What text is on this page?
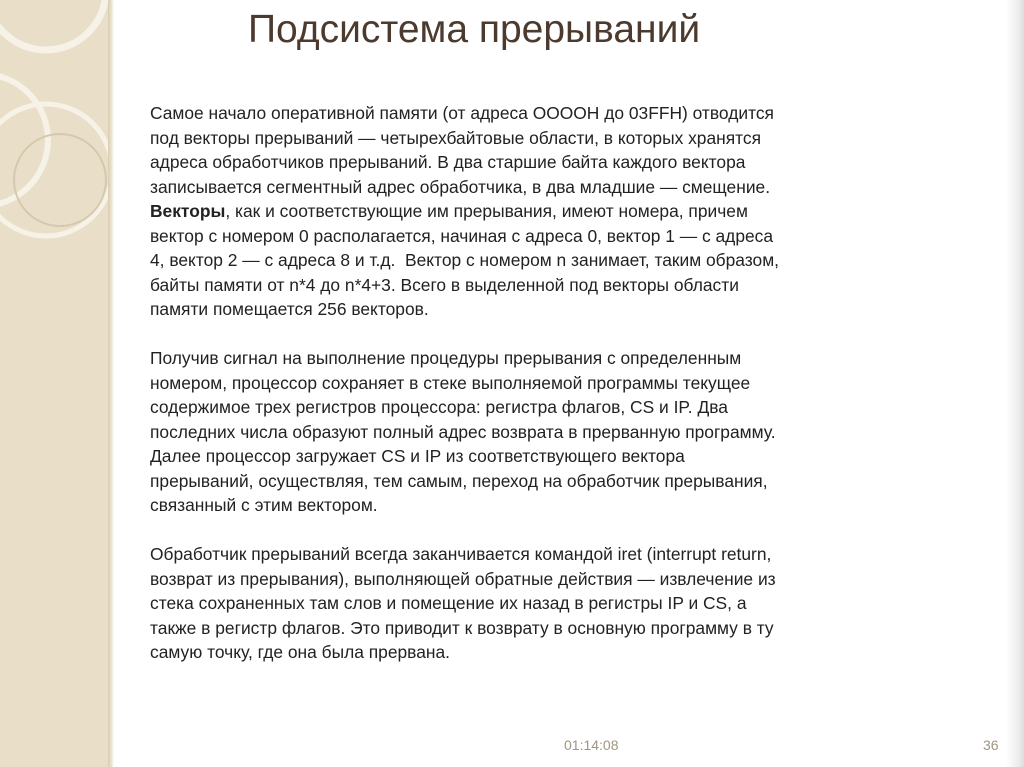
Подсистема прерываний

Самое начало оперативной памяти (от адреса ОООOH до 03FFH) отводится
под векторы прерываний — четырехбайтовые области, в которых хранятся
адреса обработчиков прерываний. В два старшие байта каждого вектора
записывается сегментный адрес обработчика, в два младшие — смещение.
Векторы, как и соответствующие им прерывания, имеют номера, причем
вектор с номером 0 располагается, начиная с адреса 0, вектор 1 — с адреса
4, вектор 2 — с адреса 8 и т.д.  Вектор с номером n занимает, таким образом,
байты памяти от n*4 до n*4+3. Всего в выделенной под векторы области
памяти помещается 256 векторов.

Получив сигнал на выполнение процедуры прерывания с определенным
номером, процессор сохраняет в стеке выполняемой программы текущее
содержимое трех регистров процессора: регистра флагов, CS и IP. Два
последних числа образуют полный адрес возврата в прерванную программу.
Далее процессор загружает CS и IP из соответствующего вектора
прерываний, осуществляя, тем самым, переход на обработчик прерывания,
связанный с этим вектором.

Обработчик прерываний всегда заканчивается командой iret (interrupt return,
возврат из прерывания), выполняющей обратные действия — извлечение из
стека сохраненных там слов и помещение их назад в регистры IP и CS, а
также в регистр флагов. Это приводит к возврату в основную программу в ту
самую точку, где она была прервана.

01:14:08	36
